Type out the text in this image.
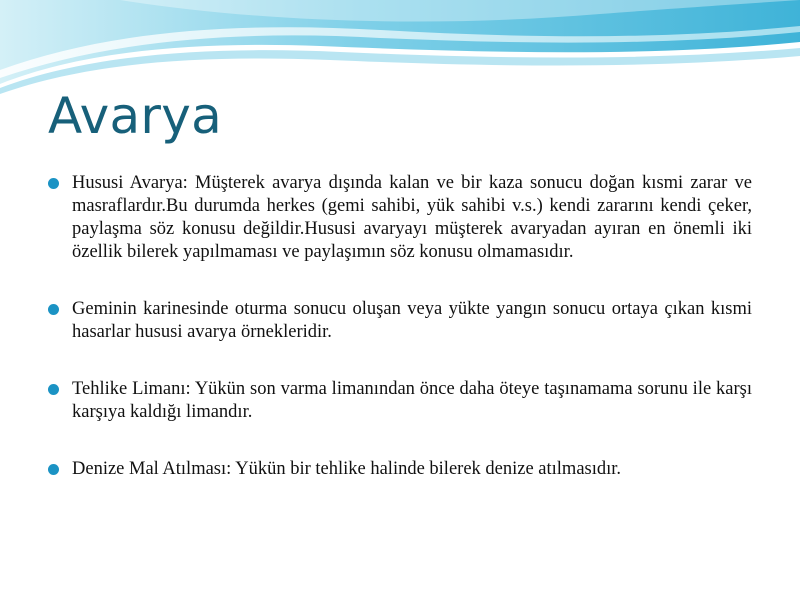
Avarya
Hususi Avarya: Müşterek avarya dışında kalan ve bir kaza sonucu doğan kısmi zarar ve masraflardır.Bu durumda herkes (gemi sahibi, yük sahibi v.s.) kendi zararını kendi çeker, paylaşma söz konusu değildir.Hususi avaryayı müşterek avaryadan ayıran en önemli iki özellik bilerek yapılmaması ve paylaşımın söz konusu olmamasıdır.
Geminin karinesinde oturma sonucu oluşan veya yükte yangın sonucu ortaya çıkan kısmi hasarlar hususi avarya örnekleridir.
Tehlike Limanı: Yükün son varma limanından önce daha öteye taşınamama sorunu ile karşı karşıya kaldığı limandır.
Denize Mal Atılması: Yükün bir tehlike halinde bilerek denize atılmasıdır.
